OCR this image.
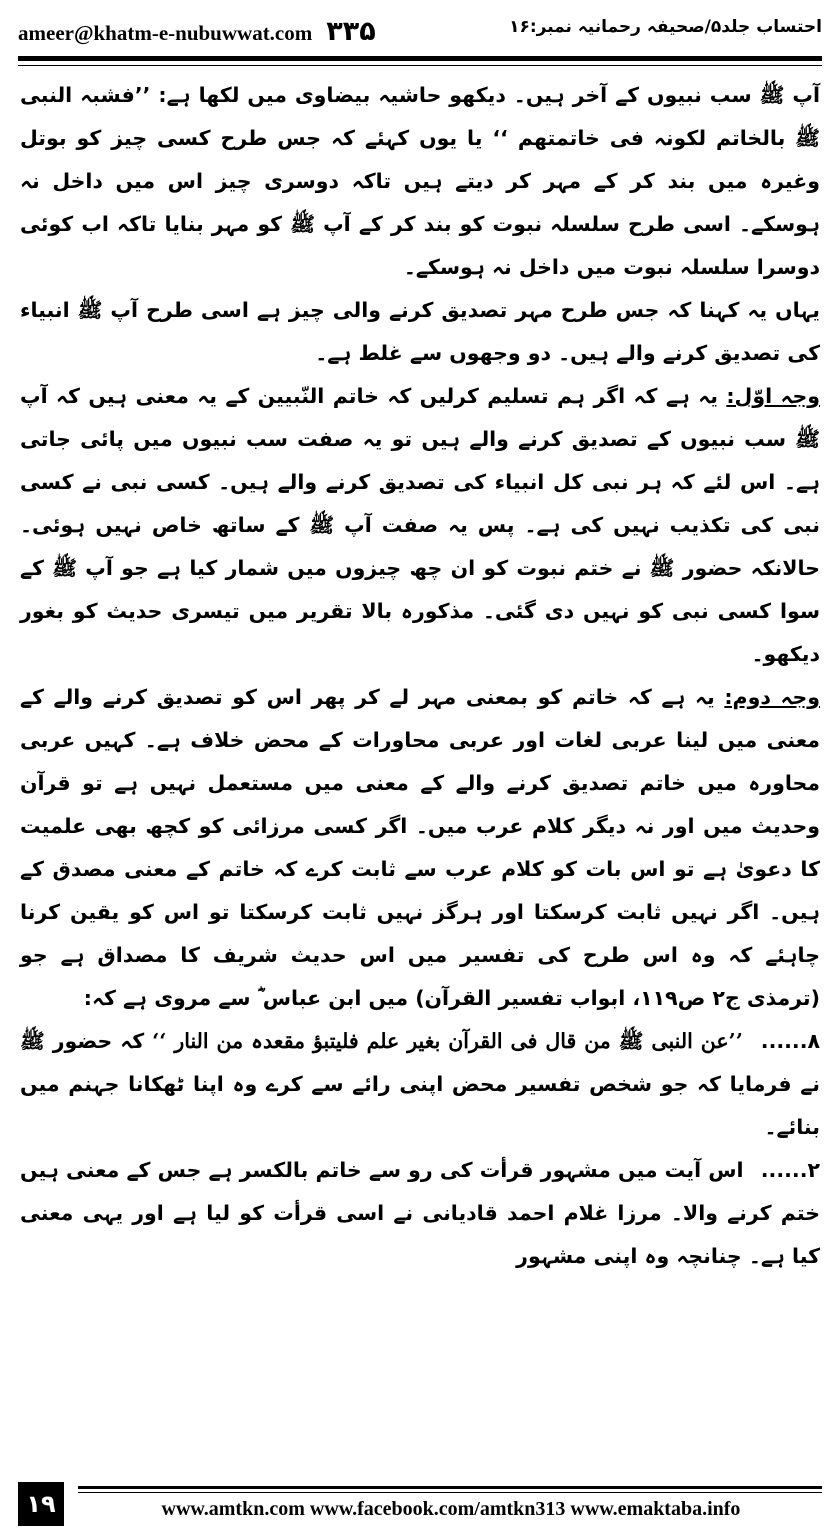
ameer@khatm-e-nubuwwat.com ۳۳۵	احتساب جلد۵/صحیفہ رحمانیہ نمبر:۱۶

آپ ﷺ سب نبیوں کے آخر ہیں۔ دیکھو حاشیہ بیضاوی میں لکھا ہے: ’’فشبہ النبی ﷺ بالخاتم لکونہ فی خاتمتھم ‘‘ یا یوں کہئے کہ جس طرح کسی چیز کو بوتل وغیرہ میں بند کر کے مہر کر دیتے ہیں تاکہ دوسری چیز اس میں داخل نہ ہوسکے۔ اسی طرح سلسلہ نبوت کو بند کر کے آپ ﷺ کو مہر بنایا تاکہ اب کوئی دوسرا سلسلہ نبوت میں داخل نہ ہوسکے۔

یہاں یہ کہنا کہ جس طرح مہر تصدیق کرنے والی چیز ہے اسی طرح آپ ﷺ انبیاء کی تصدیق کرنے والے ہیں۔ دو وجھوں سے غلط ہے۔

وجہ اوّل: یہ ہے کہ اگر ہم تسلیم کرلیں کہ خاتم النّبیین کے یہ معنی ہیں کہ آپ ﷺ سب نبیوں کے تصدیق کرنے والے ہیں تو یہ صفت سب نبیوں میں پائی جاتی ہے۔ اس لئے کہ ہر نبی کل انبیاء کی تصدیق کرنے والے ہیں۔ کسی نبی نے کسی نبی کی تکذیب نہیں کی ہے۔ پس یہ صفت آپ ﷺ کے ساتھ خاص نہیں ہوئی۔ حالانکہ حضور ﷺ نے ختم نبوت کو ان چھ چیزوں میں شمار کیا ہے جو آپ ﷺ کے سوا کسی نبی کو نہیں دی گئی۔ مذکورہ بالا تقریر میں تیسری حدیث کو بغور دیکھو۔

وجہ دوم: یہ ہے کہ خاتم کو بمعنی مہر لے کر پھر اس کو تصدیق کرنے والے کے معنی میں لینا عربی لغات اور عربی محاورات کے محض خلاف ہے۔ کہیں عربی محاورہ میں خاتم تصدیق کرنے والے کے معنی میں مستعمل نہیں ہے تو قرآن وحدیث میں اور نہ دیگر کلام عرب میں۔ اگر کسی مرزائی کو کچھ بھی علمیت کا دعویٰ ہے تو اس بات کو کلام عرب سے ثابت کرے کہ خاتم کے معنی مصدق کے ہیں۔ اگر نہیں ثابت کرسکتا اور ہرگز نہیں ثابت کرسکتا تو اس کو یقین کرنا چاہئے کہ وہ اس طرح کی تفسیر میں اس حدیث شریف کا مصداق ہے جو (ترمذی ج۲ ص۱۱۹، ابواب تفسیر القرآن) میں ابن عباس ؓ سے مروی ہے کہ:

۸...... ’’عن النبی ﷺ من قال فی القرآن بغیر علم فلیتبؤ مقعدہ من النار ‘‘ کہ حضور ﷺ نے فرمایا کہ جو شخص تفسیر محض اپنی رائے سے کرے وہ اپنا ٹھکانا جہنم میں بنائے۔

۲...... اس آیت میں مشہور قرأت کی رو سے خاتم بالکسر ہے جس کے معنی ہیں ختم کرنے والا۔ مرزا غلام احمد قادیانی نے اسی قرأت کو لیا ہے اور یہی معنی کیا ہے۔ چنانچہ وہ اپنی مشہور

۱۹	www.amtkn.com www.facebook.com/amtkn313 www.emaktaba.info
